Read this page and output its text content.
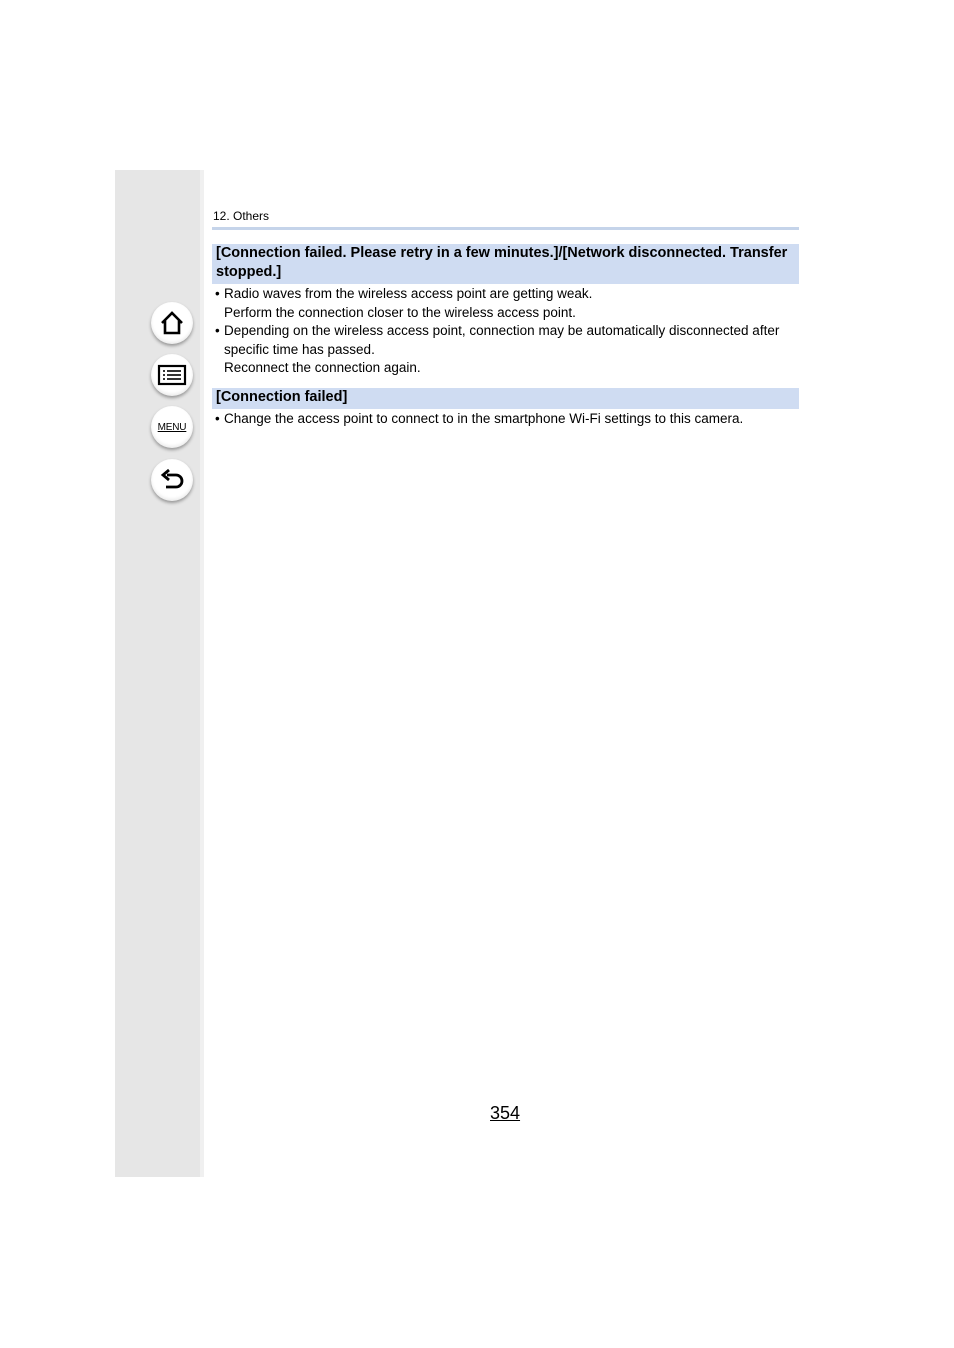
MENU
12. Others
[Connection failed. Please retry in a few minutes.]/[Network disconnected. Transfer
stopped.]
• Radio waves from the wireless access point are getting weak.
Perform the connection closer to the wireless access point.
• Depending on the wireless access point, connection may be automatically disconnected after
specific time has passed.
Reconnect the connection again.
[Connection failed]
• Change the access point to connect to in the smartphone Wi-Fi settings to this camera.
354
